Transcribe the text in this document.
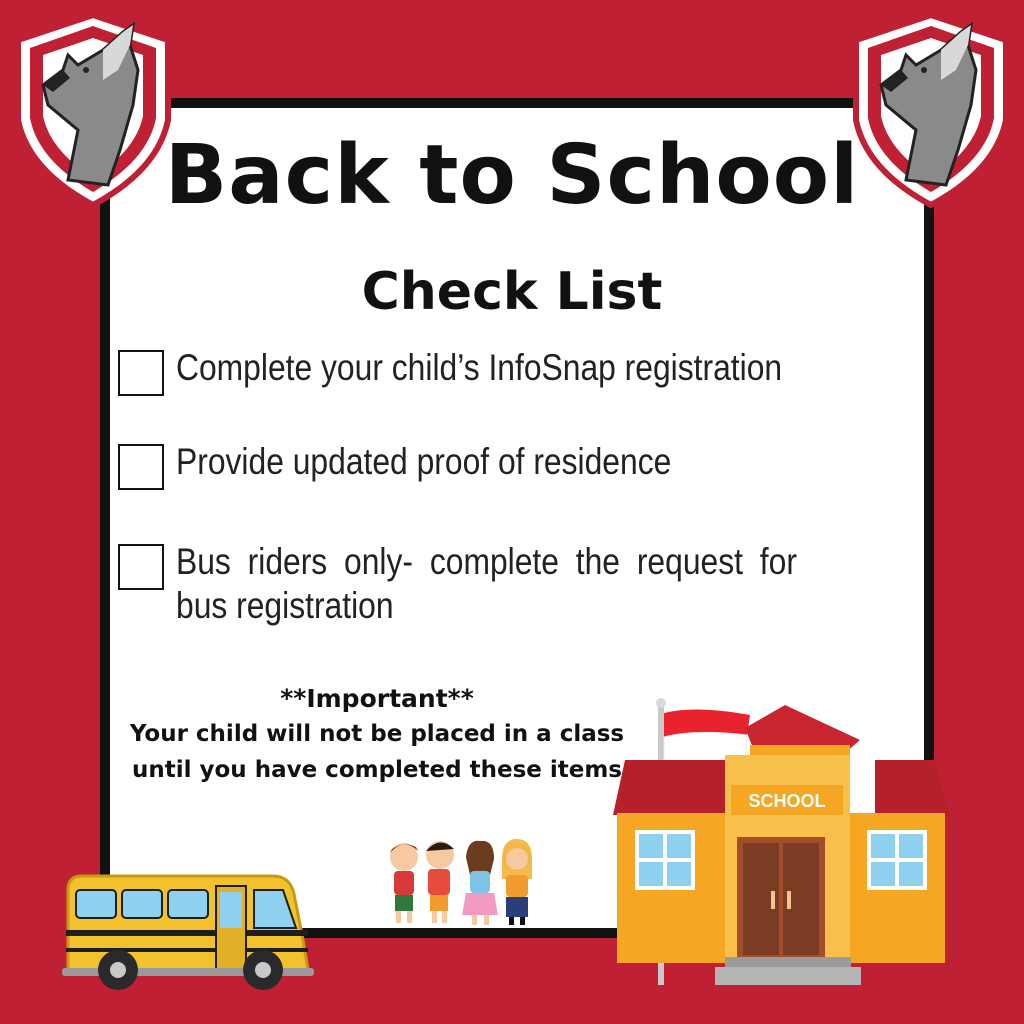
Back to School
Check List
Complete your child’s InfoSnap registration
Provide updated proof of residence
Bus riders only- complete the request for bus registration
**Important**
Your child will not be placed in a class
until you have completed these items
SCHOOL
